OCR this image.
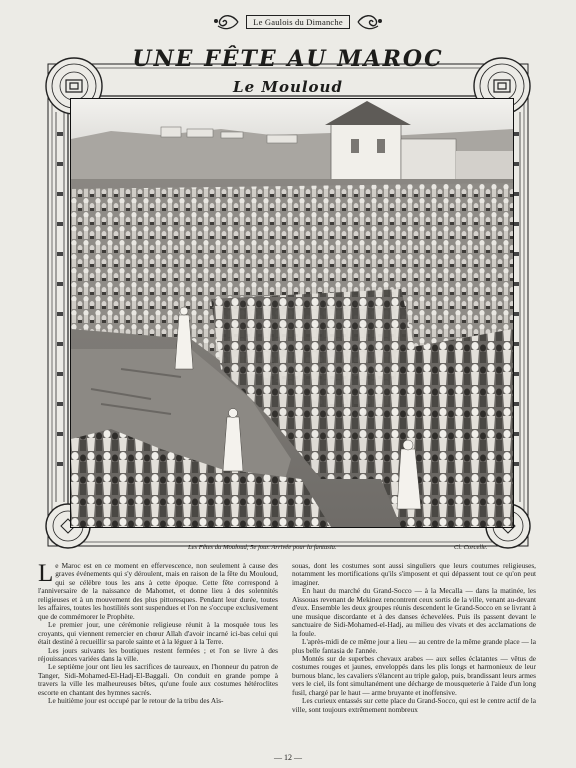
Le Gaulois du Dimanche
UNE FÊTE AU MAROC
Le Mouloud
Les Fêtes du Mouloud, 5e jour. Arrivée pour la fantasia.	Cl. Corcelle.

Le Maroc est en ce moment en effervescence, non seulement à cause des graves événements qui s'y déroulent, mais en raison de la fête du Mouloud, qui se célèbre tous les ans à cette époque. Cette fête correspond à l'anniversaire de la naissance de Mahomet, et donne lieu à des solennités religieuses et à un mouvement des plus pittoresques. Pendant leur durée, toutes les affaires, toutes les hostilités sont suspendues et l'on ne s'occupe exclusivement que de commémorer le Prophète.

Le premier jour, une cérémonie religieuse réunit à la mosquée tous les croyants, qui viennent remercier en chœur Allah d'avoir incarné ici-bas celui qui était destiné à recueillir sa parole sainte et à la léguer à la Terre.

Les jours suivants les boutiques restent fermées ; et l'on se livre à des réjouissances variées dans la ville.

Le septième jour ont lieu les sacrifices de taureaux, en l'honneur du patron de Tanger, Sidi-Mohamed-El-Hadj-El-Baggali. On conduit en grande pompe à travers la ville les malheureuses bêtes, qu'une foule aux costumes hétéroclites escorte en chantant des hymnes sacrés.

Le huitième jour est occupé par le retour de la tribu des Aïs-

souas, dont les costumes sont aussi singuliers que leurs coutumes religieuses, notamment les mortifications qu'ils s'imposent et qui dépassent tout ce qu'on peut imaginer.

En haut du marché du Grand-Socco — à la Mecalla — dans la matinée, les Aïssouas revenant de Mekinez rencontrent ceux sortis de la ville, venant au-devant d'eux. Ensemble les deux groupes réunis descendent le Grand-Socco en se livrant à une musique discordante et à des danses échevelées. Puis ils passent devant le sanctuaire de Sidi-Mohamed-el-Hadj, au milieu des vivats et des acclamations de la foule.

L'après-midi de ce même jour a lieu — au centre de la même grande place — la plus belle fantasia de l'année.

Montés sur de superbes chevaux arabes — aux selles éclatantes — vêtus de costumes rouges et jaunes, enveloppés dans les plis longs et harmonieux de leur burnous blanc, les cavaliers s'élancent au triple galop, puis, brandissant leurs armes vers le ciel, ils font simultanément une décharge de mousqueterie à l'aide d'un long fusil, chargé par le haut — arme bruyante et inoffensive.

Les curieux entassés sur cette place du Grand-Socco, qui est le centre actif de la ville, sont toujours extrêmement nombreux

— 12 —
